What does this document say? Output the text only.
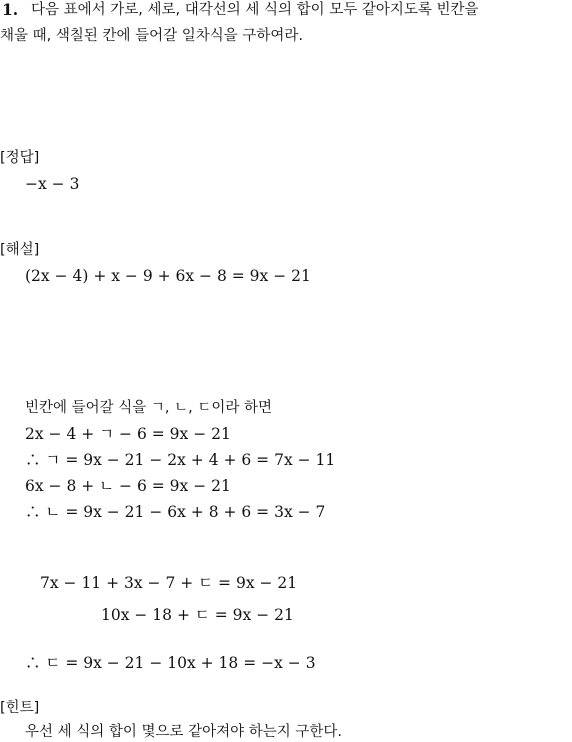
1. 다음 표에서 가로, 세로, 대각선의 세 식의 합이 모두 같아지도록 빈칸을
채울 때, 색칠된 칸에 들어갈 일차식을 구하여라.
[정답]
−x − 3
[해설]
(2x − 4) + x − 9 + 6x − 8 = 9x − 21
빈칸에 들어갈 식을 ㄱ, ㄴ, ㄷ이라 하면
2x − 4 + ㄱ − 6 = 9x − 21
∴ ㄱ = 9x − 21 − 2x + 4 + 6 = 7x − 11
6x − 8 + ㄴ − 6 = 9x − 21
∴ ㄴ = 9x − 21 − 6x + 8 + 6 = 3x − 7
7x − 11 + 3x − 7 + ㄷ = 9x − 21
10x − 18 + ㄷ = 9x − 21
∴ ㄷ = 9x − 21 − 10x + 18 = −x − 3
[힌트]
우선 세 식의 합이 몇으로 같아져야 하는지 구한다.
